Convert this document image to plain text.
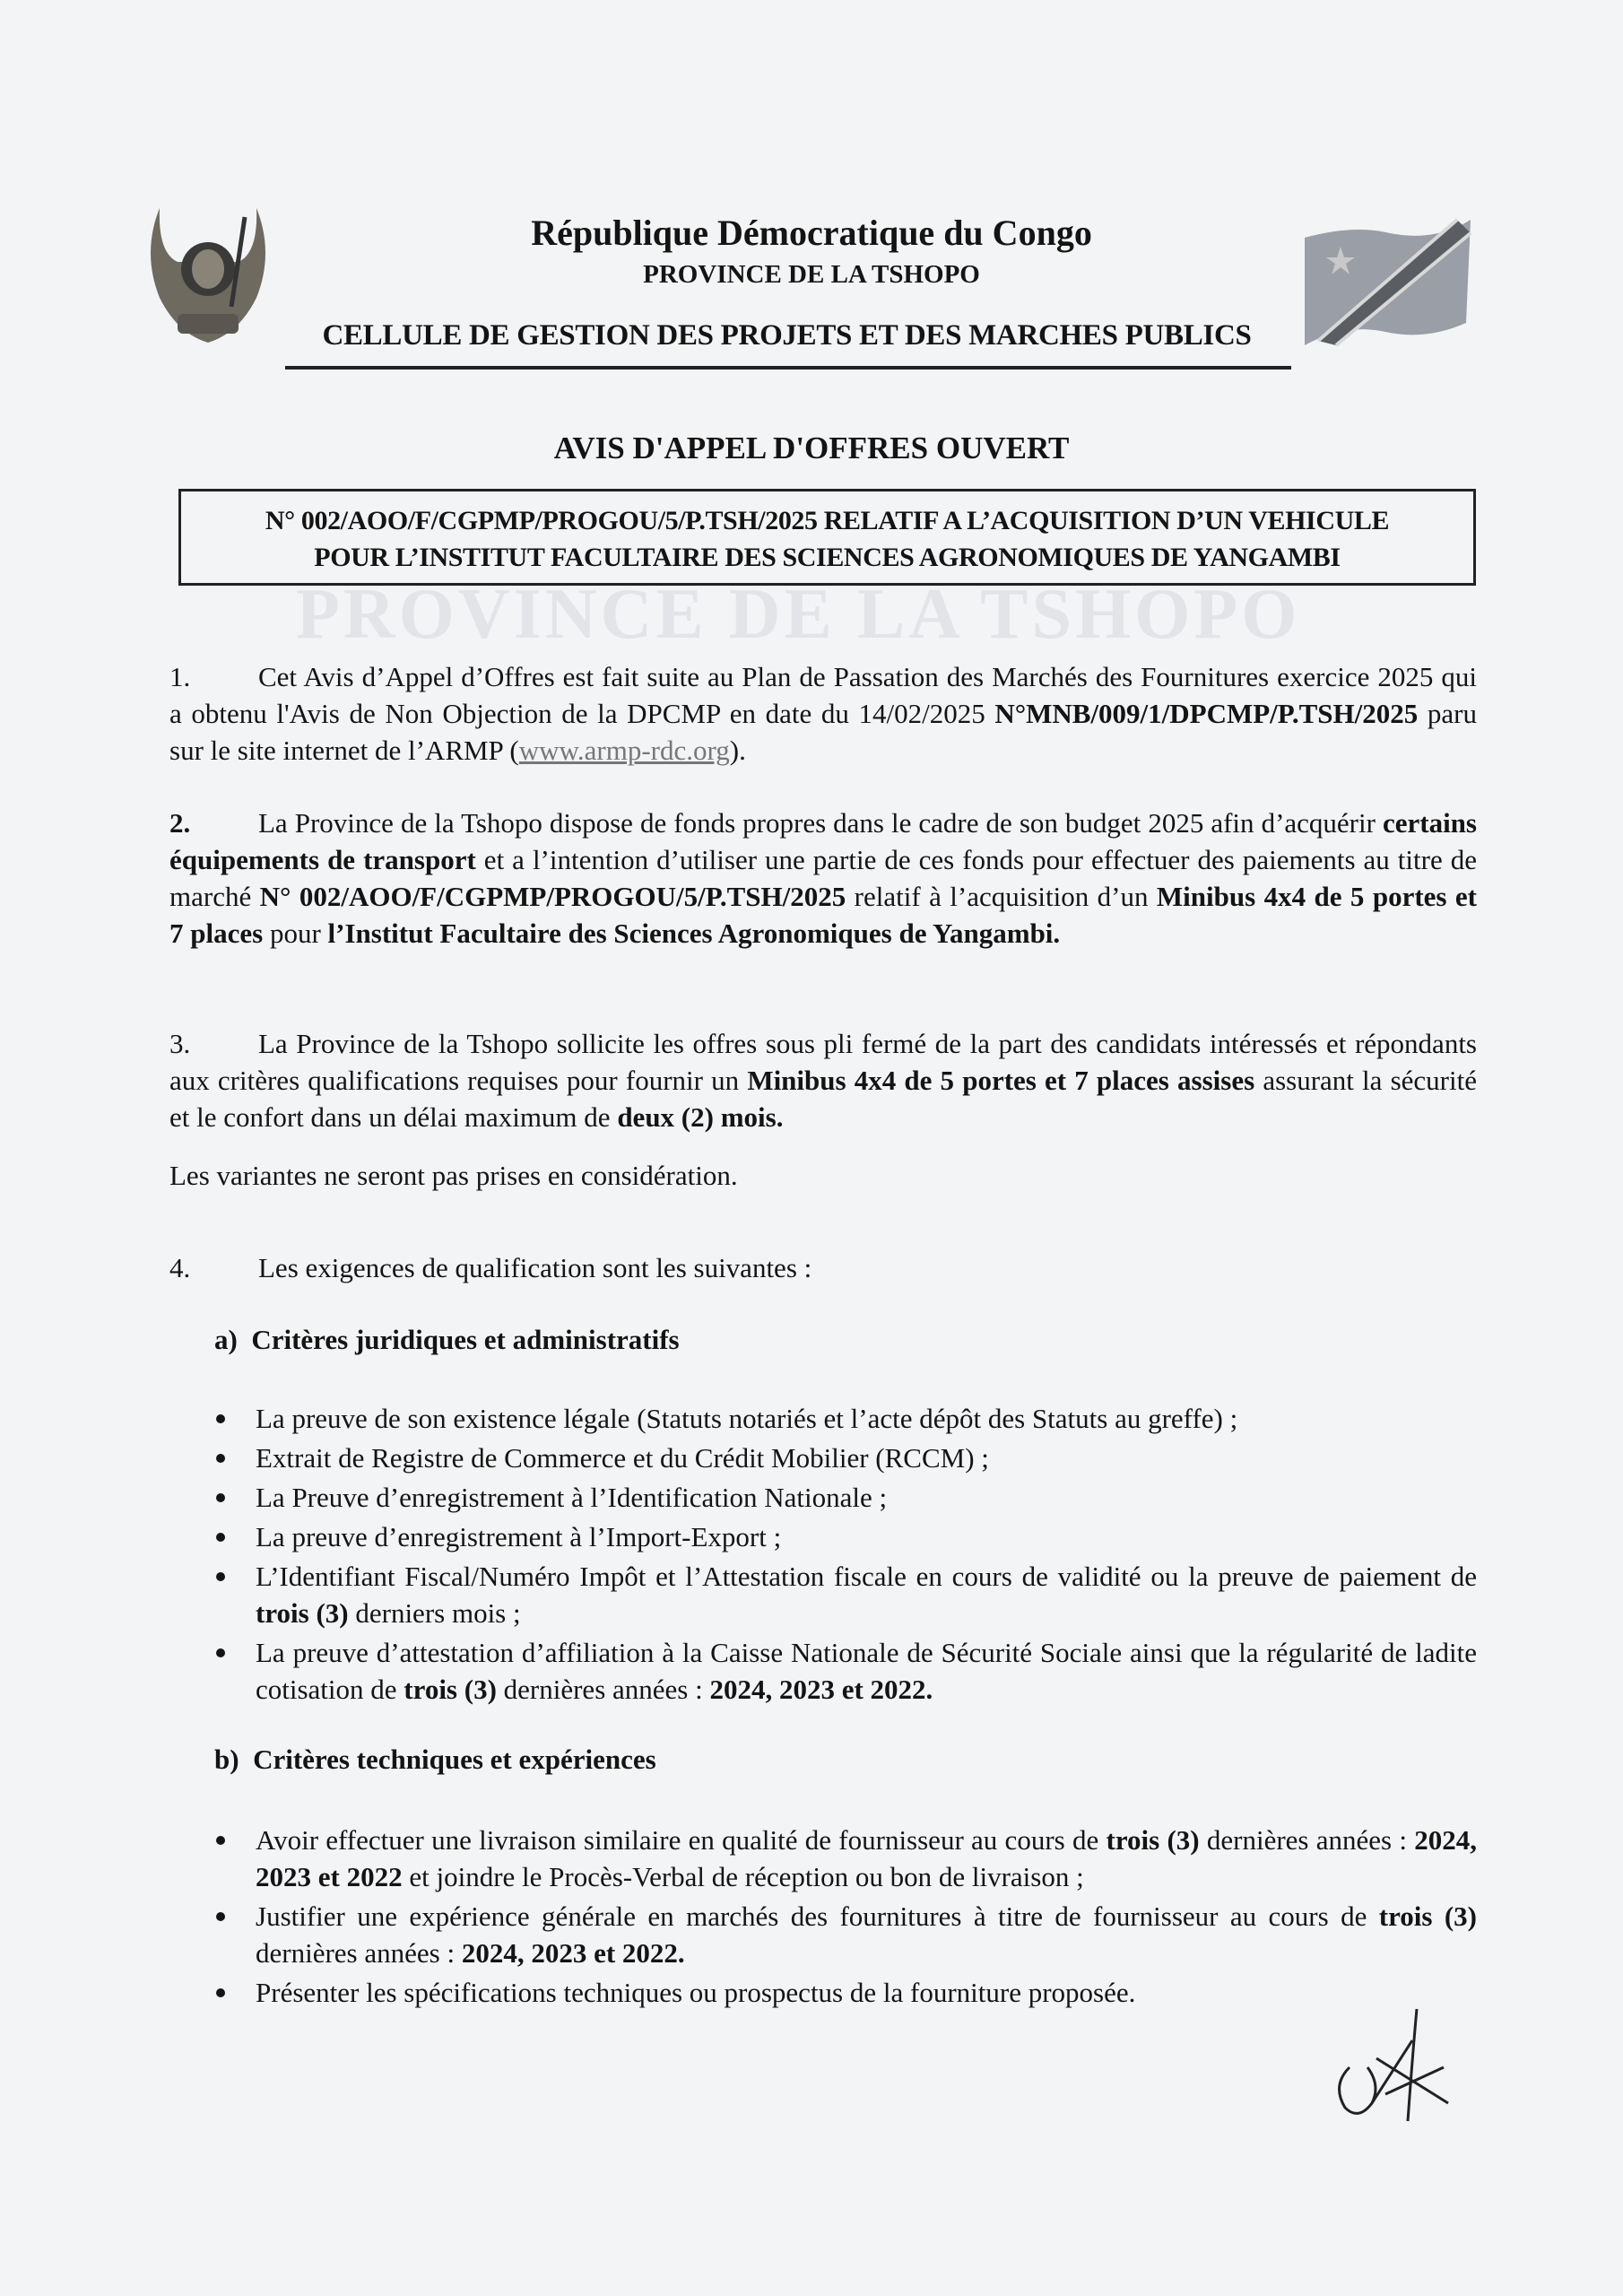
PROVINCE DE LA TSHOPO
République Démocratique du Congo
PROVINCE DE LA TSHOPO
CELLULE DE GESTION DES PROJETS ET DES MARCHES PUBLICS
AVIS D'APPEL D'OFFRES OUVERT
N° 002/AOO/F/CGPMP/PROGOU/5/P.TSH/2025 RELATIF A L’ACQUISITION D’UN VEHICULE
POUR L’INSTITUT FACULTAIRE DES SCIENCES AGRONOMIQUES DE YANGAMBI
1. Cet Avis d’Appel d’Offres est fait suite au Plan de Passation des Marchés des Fournitures exercice 2025 qui a obtenu l'Avis de Non Objection de la DPCMP en date du 14/02/2025 N°MNB/009/1/DPCMP/P.TSH/2025 paru sur le site internet de l’ARMP (www.armp-rdc.org).
2. La Province de la Tshopo dispose de fonds propres dans le cadre de son budget 2025 afin d’acquérir certains équipements de transport et a l’intention d’utiliser une partie de ces fonds pour effectuer des paiements au titre de marché N° 002/AOO/F/CGPMP/PROGOU/5/P.TSH/2025 relatif à l’acquisition d’un Minibus 4x4 de 5 portes et 7 places pour l’Institut Facultaire des Sciences Agronomiques de Yangambi.
3. La Province de la Tshopo sollicite les offres sous pli fermé de la part des candidats intéressés et répondants aux critères qualifications requises pour fournir un Minibus 4x4 de 5 portes et 7 places assises assurant la sécurité et le confort dans un délai maximum de deux (2) mois.
Les variantes ne seront pas prises en considération.
4. Les exigences de qualification sont les suivantes :
a)  Critères juridiques et administratifs
La preuve de son existence légale (Statuts notariés et l’acte dépôt des Statuts au greffe) ;
Extrait de Registre de Commerce et du Crédit Mobilier (RCCM) ;
La Preuve d’enregistrement à l’Identification Nationale ;
La preuve d’enregistrement à l’Import-Export ;
L’Identifiant Fiscal/Numéro Impôt et l’Attestation fiscale en cours de validité ou la preuve de paiement de trois (3) derniers mois ;
La preuve d’attestation d’affiliation à la Caisse Nationale de Sécurité Sociale ainsi que la régularité de ladite cotisation de trois (3) dernières années : 2024, 2023 et 2022.
b)  Critères techniques et expériences
Avoir effectuer une livraison similaire en qualité de fournisseur au cours de trois (3) dernières années : 2024, 2023 et 2022 et joindre le Procès-Verbal de réception ou bon de livraison ;
Justifier une expérience générale en marchés des fournitures à titre de fournisseur au cours de trois (3) dernières années : 2024, 2023 et 2022.
Présenter les spécifications techniques ou prospectus de la fourniture proposée.
